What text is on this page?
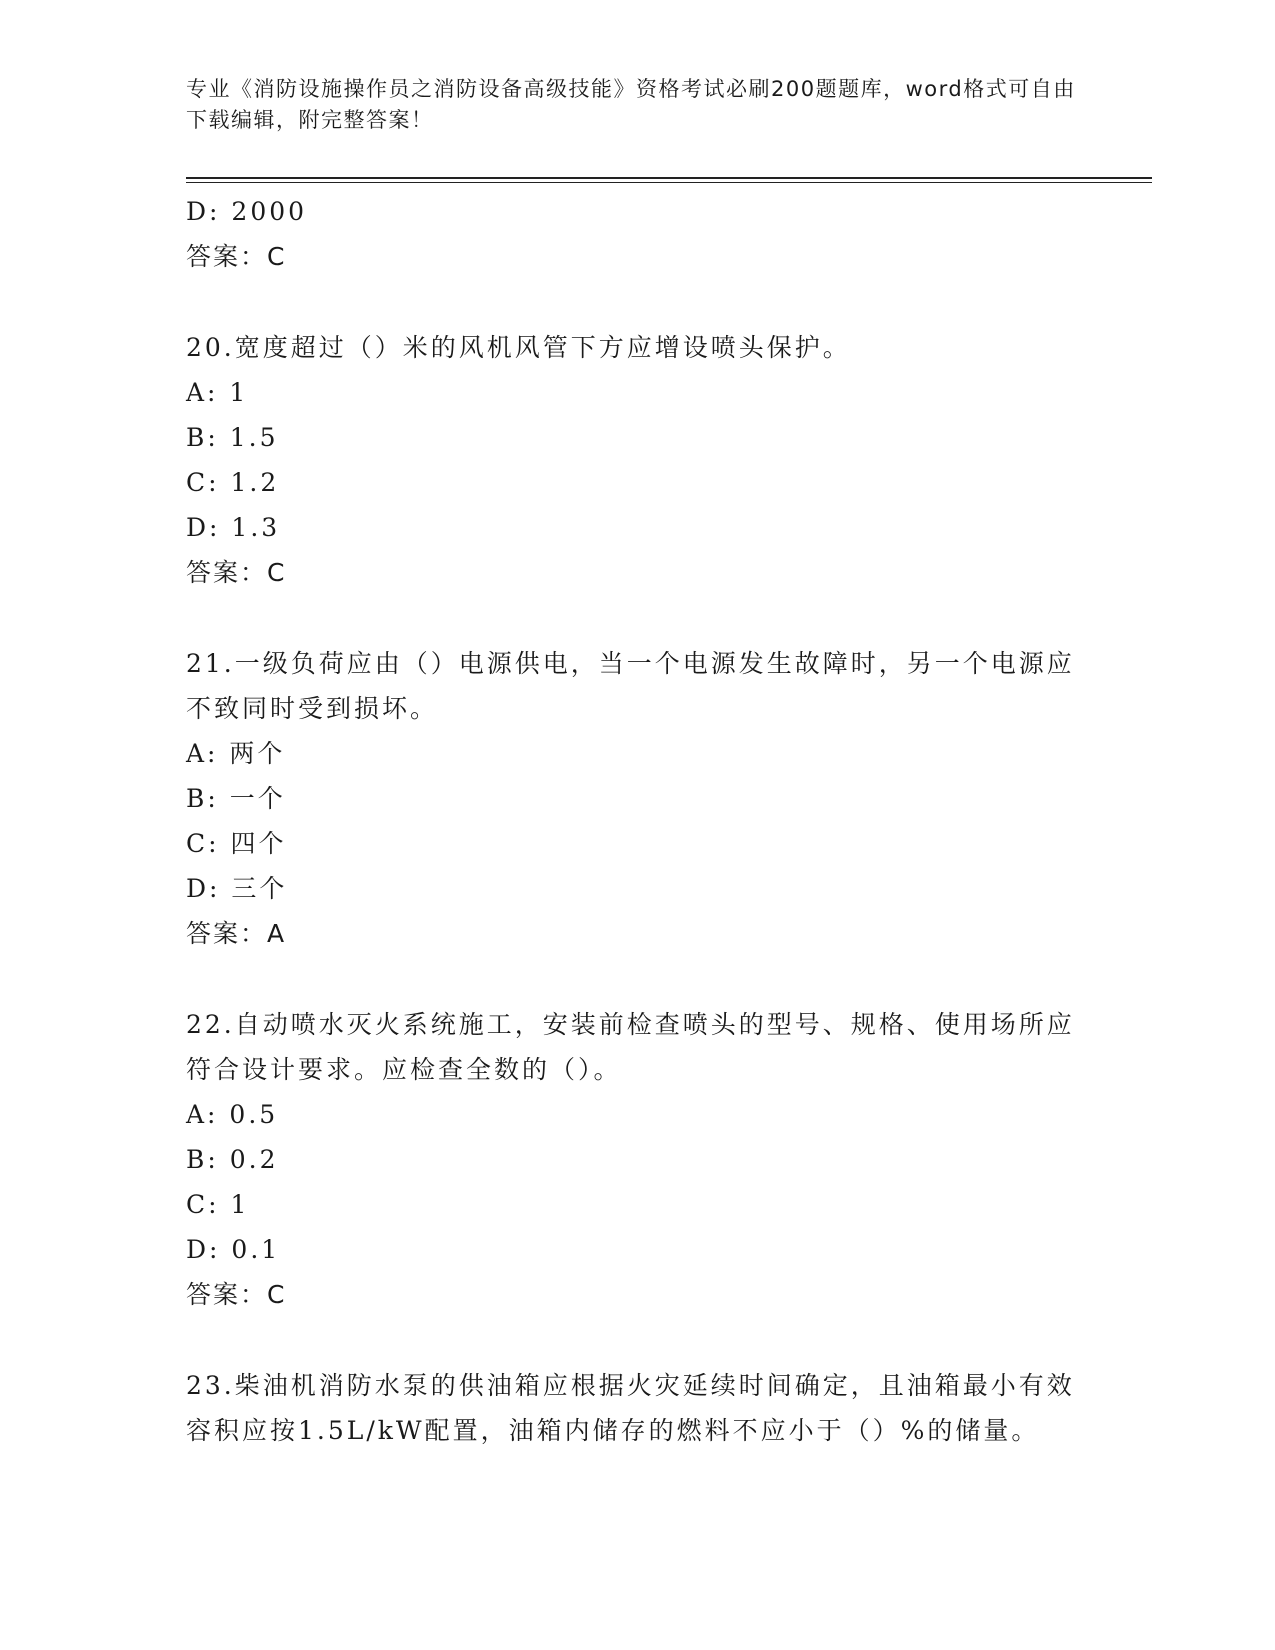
专业《消防设施操作员之消防设备高级技能》资格考试必刷200题题库，word格式可自由下载编辑，附完整答案！
D: 2000
答案：C
20.宽度超过（）米的风机风管下方应增设喷头保护。
A: 1
B: 1.5
C: 1.2
D: 1.3
答案：C
21.一级负荷应由（）电源供电，当一个电源发生故障时，另一个电源应不致同时受到损坏。
A: 两个
B: 一个
C: 四个
D: 三个
答案：A
22.自动喷水灭火系统施工，安装前检查喷头的型号、规格、使用场所应符合设计要求。应检查全数的（）。
A: 0.5
B: 0.2
C: 1
D: 0.1
答案：C
23.柴油机消防水泵的供油箱应根据火灾延续时间确定，且油箱最小有效容积应按1.5L/kW配置，油箱内储存的燃料不应小于（）%的储量。
